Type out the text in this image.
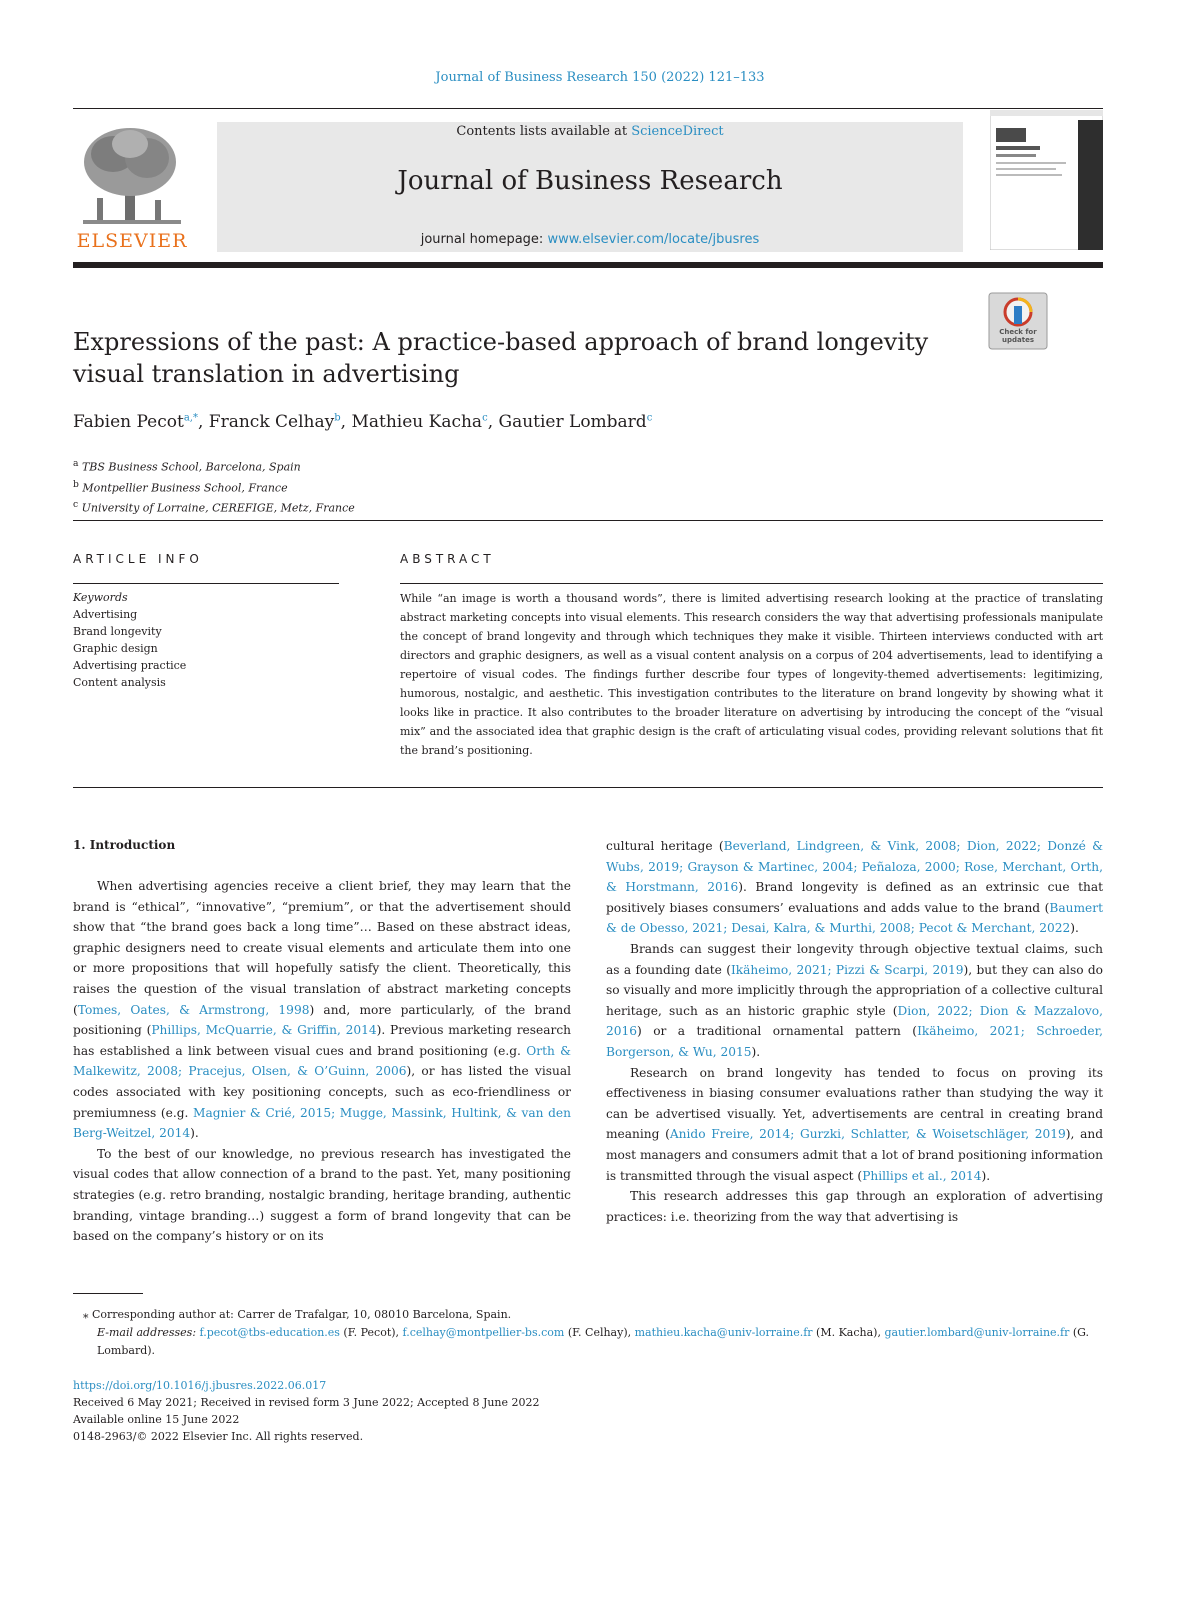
Journal of Business Research 150 (2022) 121–133
ELSEVIER
Contents lists available at ScienceDirect
Journal of Business Research
journal homepage: www.elsevier.com/locate/jbusres
Expressions of the past: A practice-based approach of brand longevity visual translation in advertising
Check for updates
Fabien Pecot$^{a,*}$, Franck Celhay$^b$, Mathieu Kacha$^c$, Gautier Lombard$^c$
$^a$ TBS Business School, Barcelona, Spain
$^b$ Montpellier Business School, France
$^c$ University of Lorraine, CEREFIGE, Metz, France
ARTICLE INFO
Keywords
Advertising
Brand longevity
Graphic design
Advertising practice
Content analysis
ABSTRACT
While “an image is worth a thousand words”, there is limited advertising research looking at the practice of translating abstract marketing concepts into visual elements. This research considers the way that advertising professionals manipulate the concept of brand longevity and through which techniques they make it visible. Thirteen interviews conducted with art directors and graphic designers, as well as a visual content analysis on a corpus of 204 advertisements, lead to identifying a repertoire of visual codes. The findings further describe four types of longevity-themed advertisements: legitimizing, humorous, nostalgic, and aesthetic. This investigation contributes to the literature on brand longevity by showing what it looks like in practice. It also contributes to the broader literature on advertising by introducing the concept of the “visual mix” and the associated idea that graphic design is the craft of articulating visual codes, providing relevant solutions that fit the brand’s positioning.
1. Introduction

When advertising agencies receive a client brief, they may learn that the brand is “ethical”, “innovative”, “premium”, or that the advertisement should show that “the brand goes back a long time”… Based on these abstract ideas, graphic designers need to create visual elements and articulate them into one or more propositions that will hopefully satisfy the client. Theoretically, this raises the question of the visual translation of abstract marketing concepts (Tomes, Oates, & Armstrong, 1998) and, more particularly, of the brand positioning (Phillips, McQuarrie, & Griffin, 2014). Previous marketing research has established a link between visual cues and brand positioning (e.g. Orth & Malkewitz, 2008; Pracejus, Olsen, & O’Guinn, 2006), or has listed the visual codes associated with key positioning concepts, such as eco-friendliness or premiumness (e.g. Magnier & Crié, 2015; Mugge, Massink, Hultink, & van den Berg-Weitzel, 2014).

To the best of our knowledge, no previous research has investigated the visual codes that allow connection of a brand to the past. Yet, many positioning strategies (e.g. retro branding, nostalgic branding, heritage branding, authentic branding, vintage branding…) suggest a form of brand longevity that can be based on the company’s history or on its

cultural heritage (Beverland, Lindgreen, & Vink, 2008; Dion, 2022; Donzé & Wubs, 2019; Grayson & Martinec, 2004; Peñaloza, 2000; Rose, Merchant, Orth, & Horstmann, 2016). Brand longevity is defined as an extrinsic cue that positively biases consumers’ evaluations and adds value to the brand (Baumert & de Obesso, 2021; Desai, Kalra, & Murthi, 2008; Pecot & Merchant, 2022).

Brands can suggest their longevity through objective textual claims, such as a founding date (Ikäheimo, 2021; Pizzi & Scarpi, 2019), but they can also do so visually and more implicitly through the appropriation of a collective cultural heritage, such as an historic graphic style (Dion, 2022; Dion & Mazzalovo, 2016) or a traditional ornamental pattern (Ikäheimo, 2021; Schroeder, Borgerson, & Wu, 2015).

Research on brand longevity has tended to focus on proving its effectiveness in biasing consumer evaluations rather than studying the way it can be advertised visually. Yet, advertisements are central in creating brand meaning (Anido Freire, 2014; Gurzki, Schlatter, & Woisetschläger, 2019), and most managers and consumers admit that a lot of brand positioning information is transmitted through the visual aspect (Phillips et al., 2014).

This research addresses this gap through an exploration of advertising practices: i.e. theorizing from the way that advertising is

⁎ Corresponding author at: Carrer de Trafalgar, 10, 08010 Barcelona, Spain.
E-mail addresses: f.pecot@tbs-education.es (F. Pecot), f.celhay@montpellier-bs.com (F. Celhay), mathieu.kacha@univ-lorraine.fr (M. Kacha), gautier.lombard@univ-lorraine.fr (G. Lombard).
https://doi.org/10.1016/j.jbusres.2022.06.017
Received 6 May 2021; Received in revised form 3 June 2022; Accepted 8 June 2022
Available online 15 June 2022
0148-2963/© 2022 Elsevier Inc. All rights reserved.
